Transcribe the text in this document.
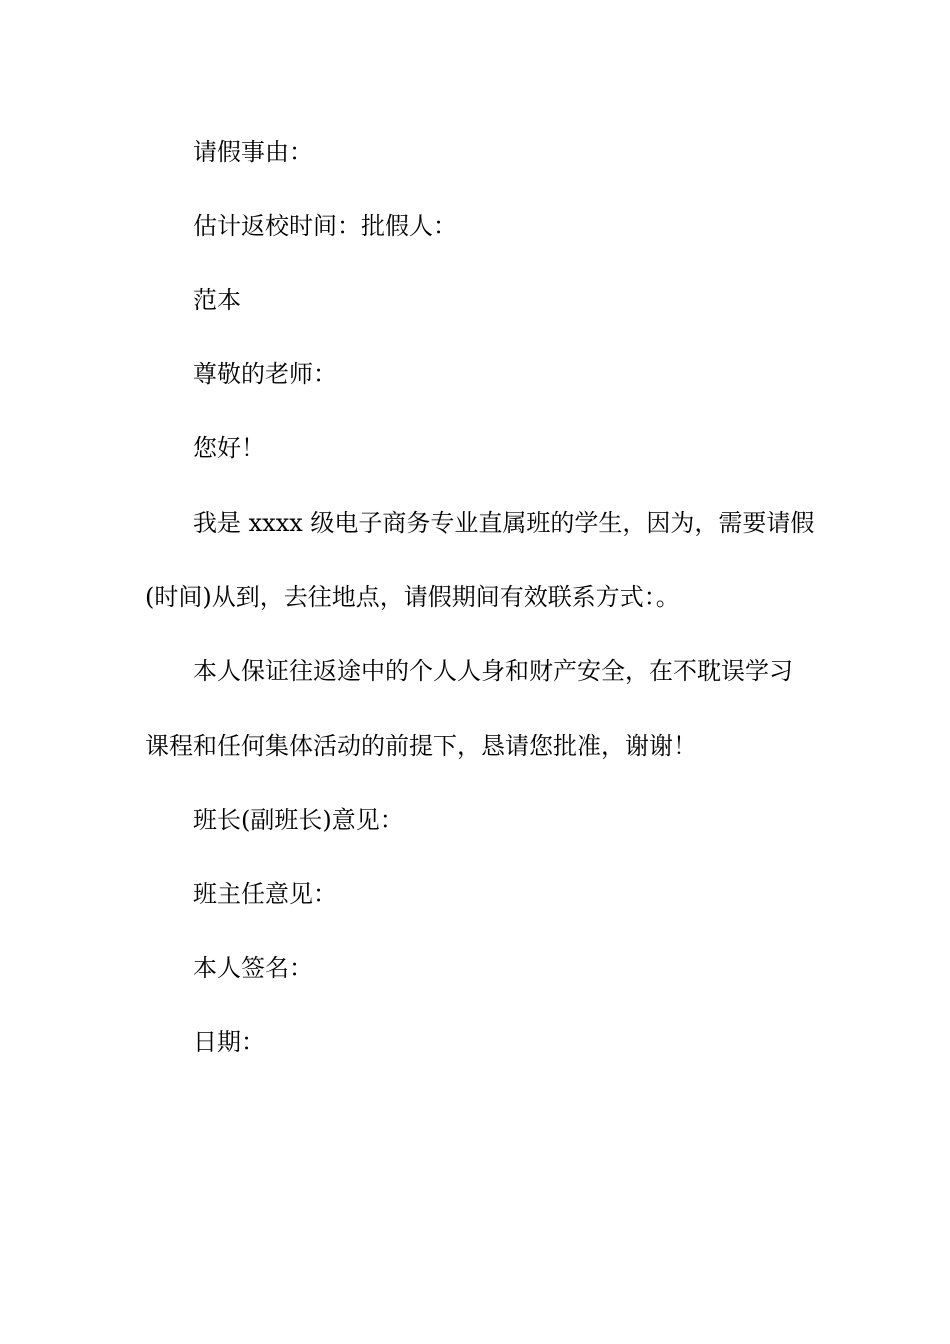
请假事由：
估计返校时间：批假人：
范本
尊敬的老师：
您好！
我是 xxxx 级电子商务专业直属班的学生，因为，需要请假
(时间)从到，去往地点，请假期间有效联系方式：。
本人保证往返途中的个人人身和财产安全，在不耽误学习
课程和任何集体活动的前提下，恳请您批准，谢谢！
班长(副班长)意见：
班主任意见：
本人签名：
日期：
